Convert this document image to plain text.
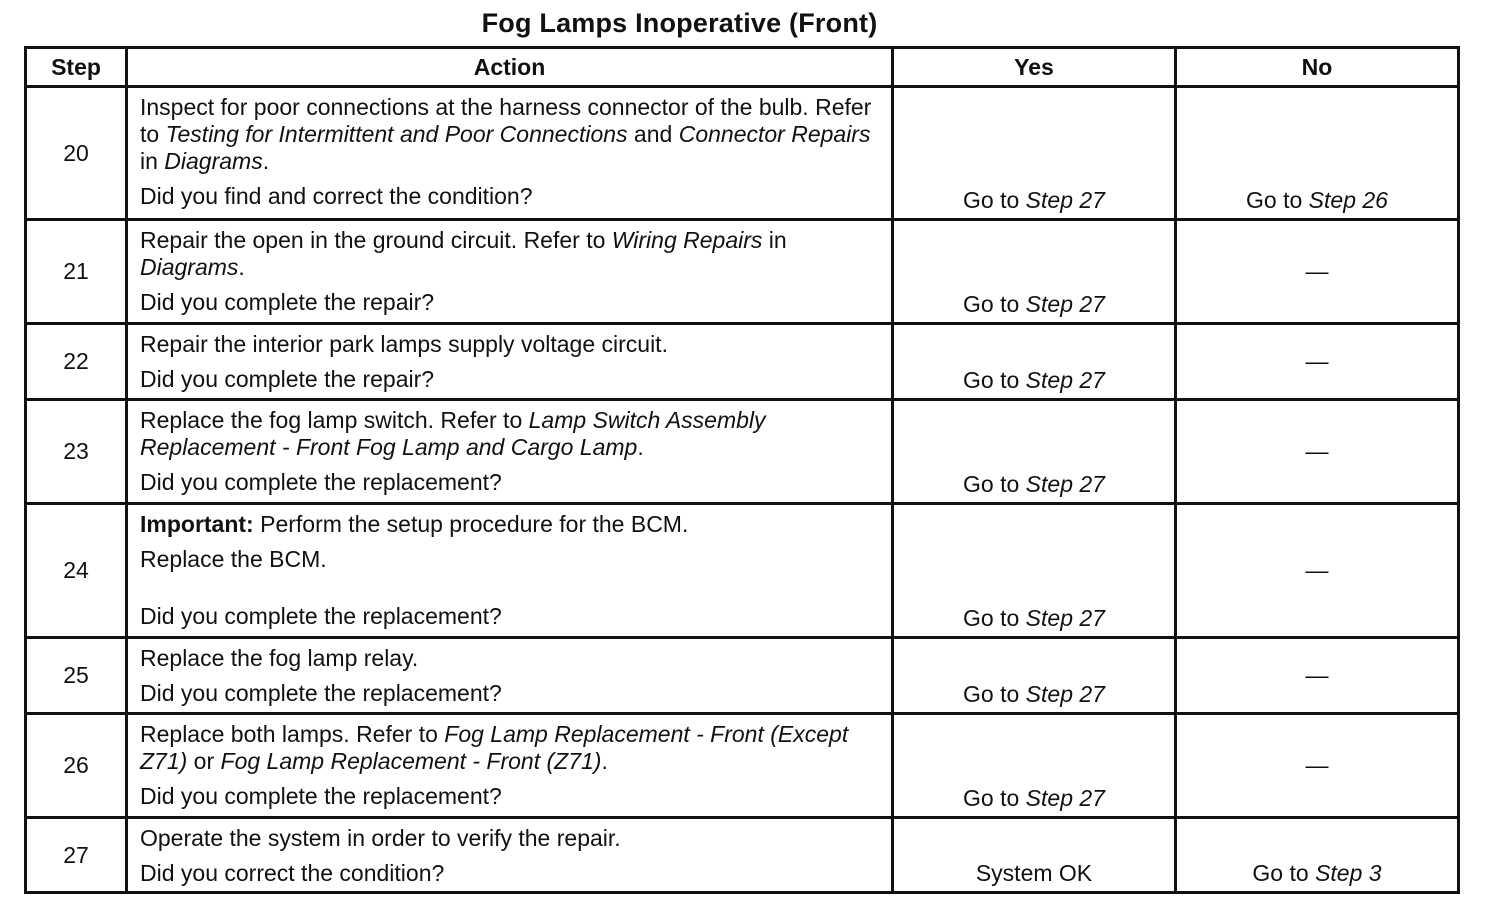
Fog Lamps Inoperative (Front)
Step	Action	Yes	No
20	Inspect for poor connections at the harness connector of the bulb. Refer to Testing for Intermittent and Poor Connections and Connector Repairs in Diagrams.
Did you find and correct the condition?	Go to Step 27	Go to Step 26
21	Repair the open in the ground circuit. Refer to Wiring Repairs in
Diagrams.
Did you complete the repair?	Go to Step 27	—
22	Repair the interior park lamps supply voltage circuit.
Did you complete the repair?	Go to Step 27	—
23	Replace the fog lamp switch. Refer to Lamp Switch Assembly Replacement - Front Fog Lamp and Cargo Lamp.
Did you complete the replacement?	Go to Step 27	—
24	Important: Perform the setup procedure for the BCM.
Replace the BCM.
Did you complete the replacement?	Go to Step 27	—
25	Replace the fog lamp relay.
Did you complete the replacement?	Go to Step 27	—
26	Replace both lamps. Refer to Fog Lamp Replacement - Front (Except Z71) or Fog Lamp Replacement - Front (Z71).
Did you complete the replacement?	Go to Step 27	—
27	Operate the system in order to verify the repair.
Did you correct the condition?	System OK	Go to Step 3
